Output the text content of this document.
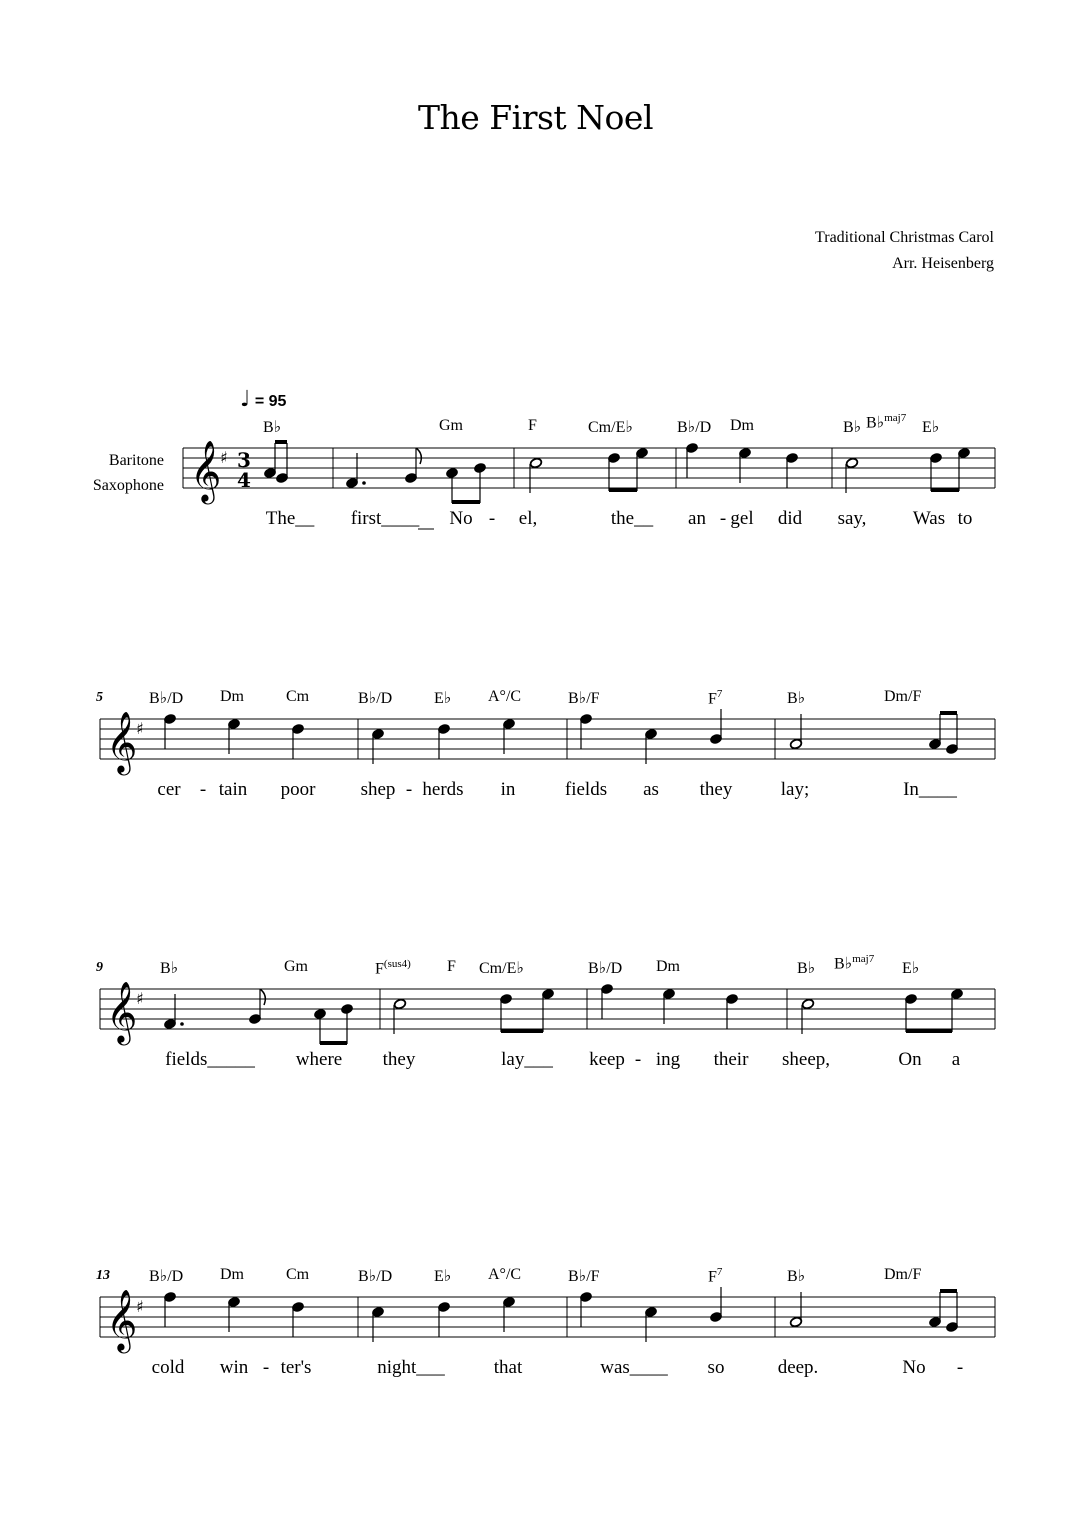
The First Noel
Traditional Christmas Carol
Arr. Heisenberg
♩ = 95
Baritone
Saxophone
5
9
13
B♭	Gm	F	Cm/E♭	B♭/D Dm	B♭ B♭$^{maj7}$
E♭
The__ first____ No - el,	the__ an - gel did say, Was to
B♭/D Dm	Cm	B♭/D	E♭ A°/C	B♭/F	$F^7$	B♭	Dm/F
cer - tain poor shep - herds in	fields as they	lay;	In____
B♭	Gm	$F^{(sus4)}$ F Cm/E♭	B♭/D Dm	B♭ B♭$^{maj7}$
E♭
fields_____ where they	lay___ keep - ing their sheep,	On a
B♭/D Dm	Cm	B♭/D	E♭ A°/C	B♭/F	$F^7$	B♭	Dm/F
cold win - ter's	night___	that	was____ so	deep.	No -
𝄞
♯ 3
4
𝄞
♯
𝄞
♯
𝄞
♯
